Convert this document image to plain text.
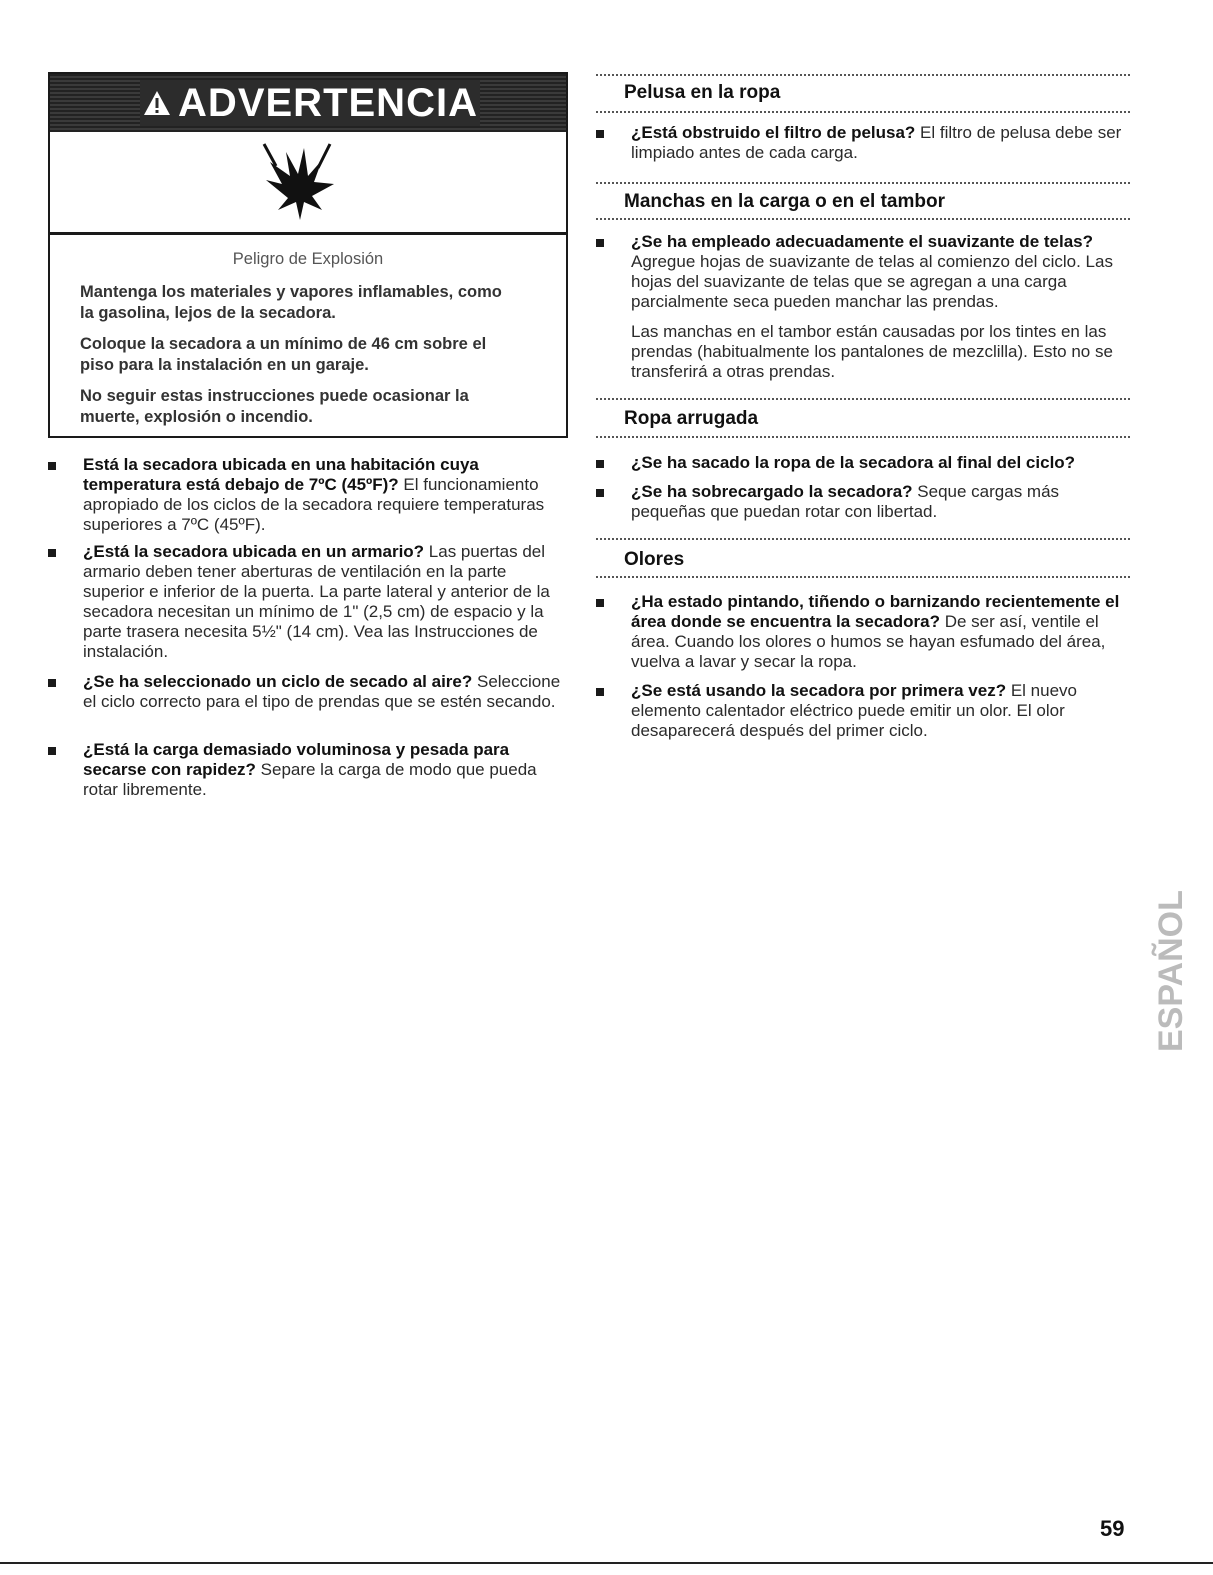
ADVERTENCIA

Peligro de Explosión

Mantenga los materiales y vapores inflamables, como la gasolina, lejos de la secadora.

Coloque la secadora a un mínimo de 46 cm sobre el piso para la instalación en un garaje.

No seguir estas instrucciones puede ocasionar la muerte, explosión o incendio.

Está la secadora ubicada en una habitación cuya temperatura está debajo de 7ºC (45ºF)? El funcionamiento apropiado de los ciclos de la secadora requiere temperaturas superiores a 7ºC (45ºF).
¿Está la secadora ubicada en un armario? Las puertas del armario deben tener aberturas de ventilación en la parte superior e inferior de la puerta. La parte lateral y anterior de la secadora necesitan un mínimo de 1" (2,5 cm) de espacio y la parte trasera necesita 5½" (14 cm). Vea las Instrucciones de instalación.
¿Se ha seleccionado un ciclo de secado al aire? Seleccione el ciclo correcto para el tipo de prendas que se estén secando.
¿Está la carga demasiado voluminosa y pesada para secarse con rapidez? Separe la carga de modo que pueda rotar libremente.
Pelusa en la ropa
¿Está obstruido el filtro de pelusa? El filtro de pelusa debe ser limpiado antes de cada carga.
Manchas en la carga o en el tambor
¿Se ha empleado adecuadamente el suavizante de telas? Agregue hojas de suavizante de telas al comienzo del ciclo. Las hojas del suavizante de telas que se agregan a una carga parcialmente seca pueden manchar las prendas.
Las manchas en el tambor están causadas por los tintes en las prendas (habitualmente los pantalones de mezclilla). Esto no se transferirá a otras prendas.
Ropa arrugada
¿Se ha sacado la ropa de la secadora al final del ciclo?
¿Se ha sobrecargado la secadora? Seque cargas más pequeñas que puedan rotar con libertad.
Olores
¿Ha estado pintando, tiñendo o barnizando recientemente el área donde se encuentra la secadora? De ser así, ventile el área. Cuando los olores o humos se hayan esfumado del área, vuelva a lavar y secar la ropa.
¿Se está usando la secadora por primera vez? El nuevo elemento calentador eléctrico puede emitir un olor. El olor desaparecerá después del primer ciclo.
ESPAÑOL
59
